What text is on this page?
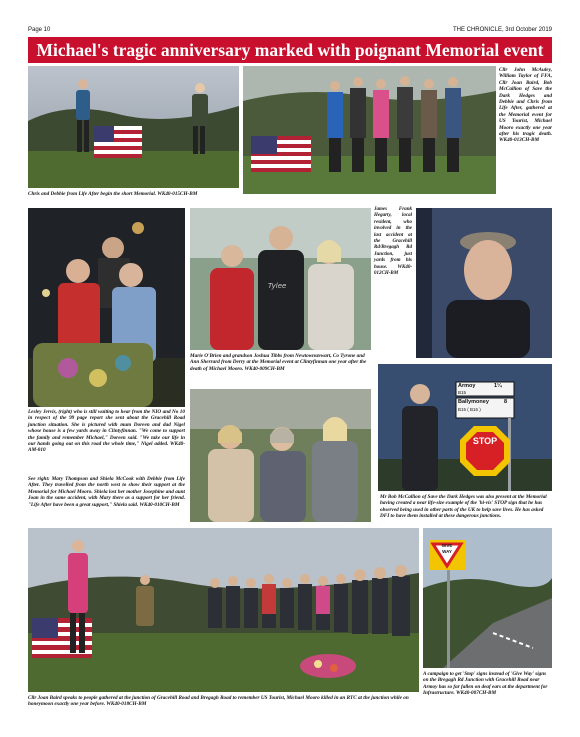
Page 10	THE CHRONICLE, 3rd October 2019
Michael's tragic anniversary marked with poignant Memorial event
Chris and Debbie from Life After begin the short Memorial. WK40-015CH-BM
Cllr John McAuley, William Taylor of FFA, Cllr Joan Baird, Bob McCallion of Save the Dark Hedges and Debbie and Chris from Life After, gathered at the Memorial event for US Tourist, Michael Mooro exactly one year after his tragic death. WK40-013CH-BM
Tylee
James Frank Hegarty, local resident, who involved in the last accident at the Gracehill Rd/Bregagh Rd Junction, just yards from his house. WK40-012CH-BM
Marie O'Brien and grandson Joshua Tibbs from Newtownstewart, Co Tyrone and Ann Sherrard from Derry at the Memorial event at Clintyfinnan one year after the death of Michael Mooro. WK40-009CH-BM
Armoy	1¼
B15
Ballymoney	8
B15 ( B16 )
STOP
Lesley Jervis, (right) who is still waiting to hear from the NIO and No 10 in respect of the 99 page report she sent about the Gracehill Road junction situation. She is pictured with mum Doreen and dad Nigel whose house is a few yards away in Clintyfinnan. "We come to support the family and remember Michael," Doreen said. "We take our life in our hands going out on this road the whole time," Nigel added. WK40-AM-010
See right: Mary Thompson and Shiela McCook with Debbie from Life After. They travelled from the north west to show their support at the Memorial for Michael Mooro. Shiela lost her mother Josephine and aunt Joan in the same accident, with Mary there as a support for her friend. "Life After have been a great support," Shiela said. WK40-010CH-BM
Mr Bob McCallion of Save the Dark Hedges was also present at the Memorial having created a near life-size example of the 'hi-vis' STOP sign that he has observed being used in other parts of the UK to help save lives. He has asked DFI to have them installed at these dangerous junctions.
GIVE
WAY
A campaign to get 'Stop' signs instead of 'Give Way' signs on the Bregagh Rd Junction with Gracehill Road near Armoy has so far fallen on deaf ears at the department for Infrastructure. WK40-007CH-BM
Cllr Joan Baird speaks to people gathered at the junction of Gracehill Road and Bregagh Road to remember US Tourist, Michael Mooro killed in an RTC at the junction while on honeymoon exactly one year before. WK40-018CH-BM
